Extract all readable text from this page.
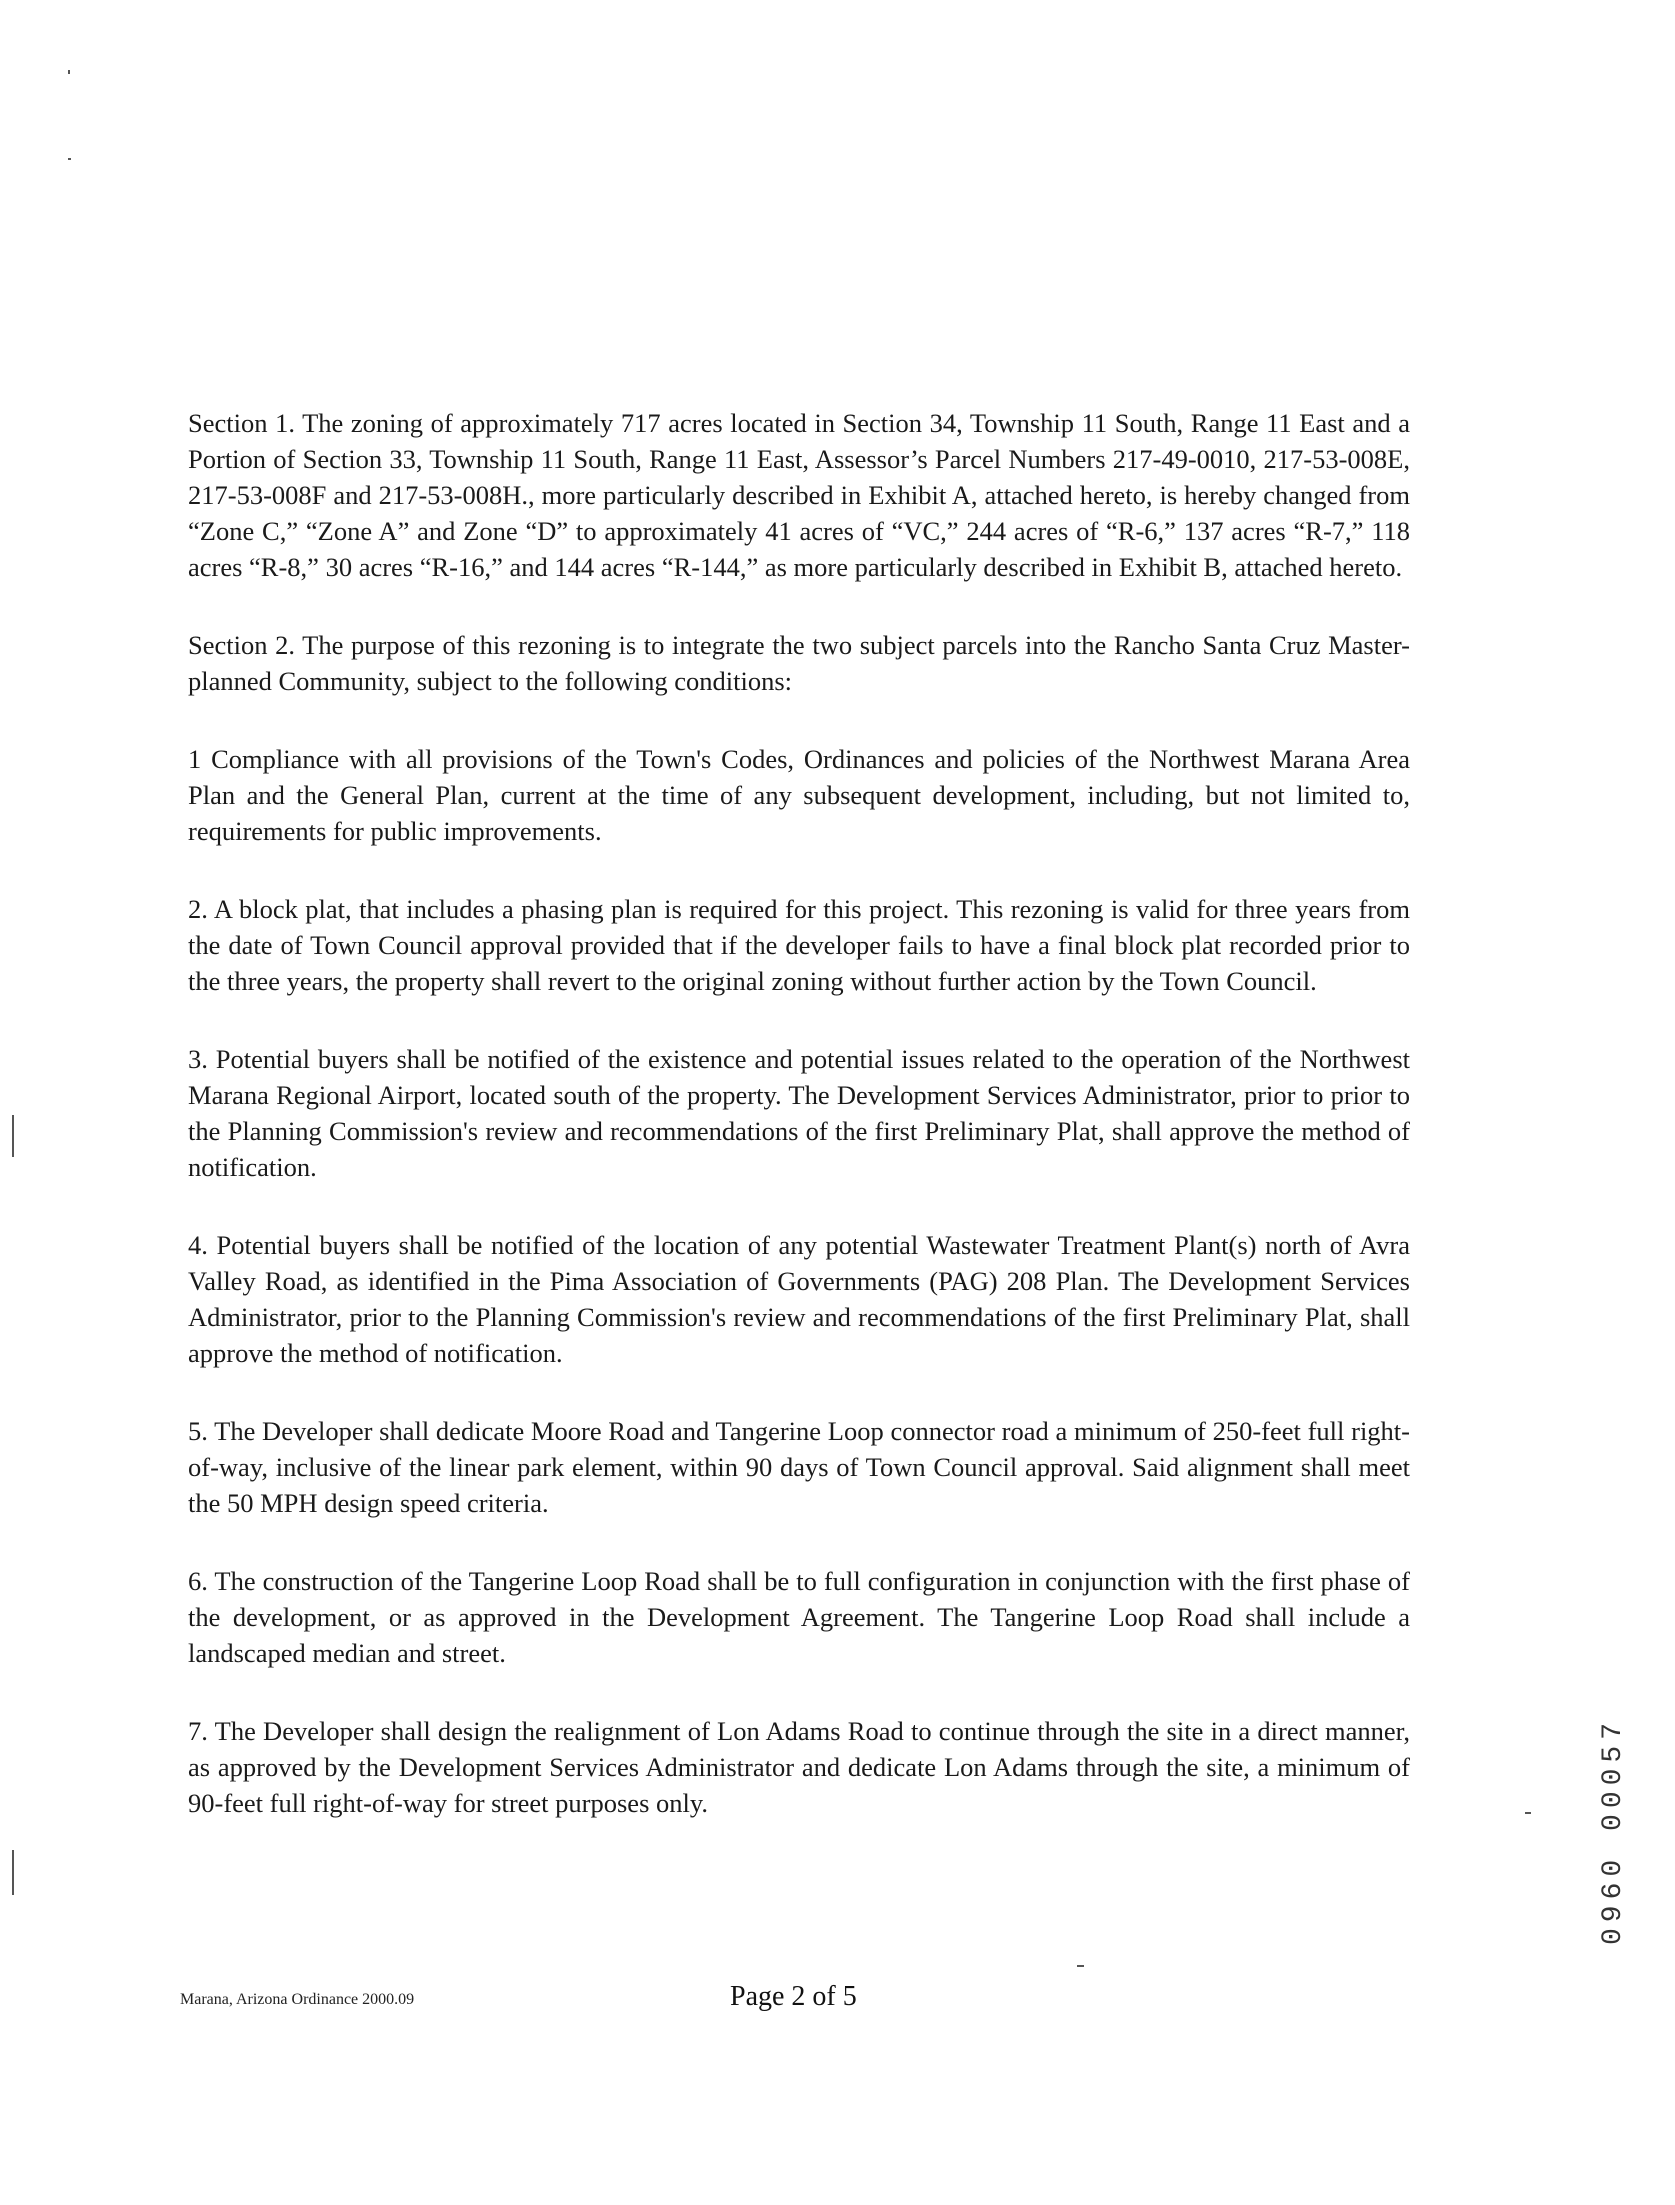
Section 1. The zoning of approximately 717 acres located in Section 34, Township 11 South, Range 11 East and a Portion of Section 33, Township 11 South, Range 11 East, Assessor’s Parcel Numbers 217-49-0010, 217-53-008E, 217-53-008F and 217-53-008H., more particularly described in Exhibit A, attached hereto, is hereby changed from “Zone C,” “Zone A” and Zone “D” to approximately 41 acres of “VC,” 244 acres of “R-6,” 137 acres “R-7,” 118 acres “R-8,” 30 acres “R-16,” and 144 acres “R-144,” as more particularly described in Exhibit B, attached hereto.

Section 2. The purpose of this rezoning is to integrate the two subject parcels into the Rancho Santa Cruz Master-planned Community, subject to the following conditions:

1 Compliance with all provisions of the Town's Codes, Ordinances and policies of the Northwest Marana Area Plan and the General Plan, current at the time of any subsequent development, including, but not limited to, requirements for public improvements.

2. A block plat, that includes a phasing plan is required for this project. This rezoning is valid for three years from the date of Town Council approval provided that if the developer fails to have a final block plat recorded prior to the three years, the property shall revert to the original zoning without further action by the Town Council.

3. Potential buyers shall be notified of the existence and potential issues related to the operation of the Northwest Marana Regional Airport, located south of the property. The Development Services Administrator, prior to prior to the Planning Commission's review and recommendations of the first Preliminary Plat, shall approve the method of notification.

4. Potential buyers shall be notified of the location of any potential Wastewater Treatment Plant(s) north of Avra Valley Road, as identified in the Pima Association of Governments (PAG) 208 Plan. The Development Services Administrator, prior to the Planning Commission's review and recommendations of the first Preliminary Plat, shall approve the method of notification.

5. The Developer shall dedicate Moore Road and Tangerine Loop connector road a minimum of 250-feet full right-of-way, inclusive of the linear park element, within 90 days of Town Council approval. Said alignment shall meet the 50 MPH design speed criteria.

6. The construction of the Tangerine Loop Road shall be to full configuration in conjunction with the first phase of the development, or as approved in the Development Agreement. The Tangerine Loop Road shall include a landscaped median and street.

7. The Developer shall design the realignment of Lon Adams Road to continue through the site in a direct manner, as approved by the Development Services Administrator and dedicate Lon Adams through the site, a minimum of 90-feet full right-of-way for street purposes only.

Marana, Arizona Ordinance 2000.09	Page 2 of 5
0960 00057
